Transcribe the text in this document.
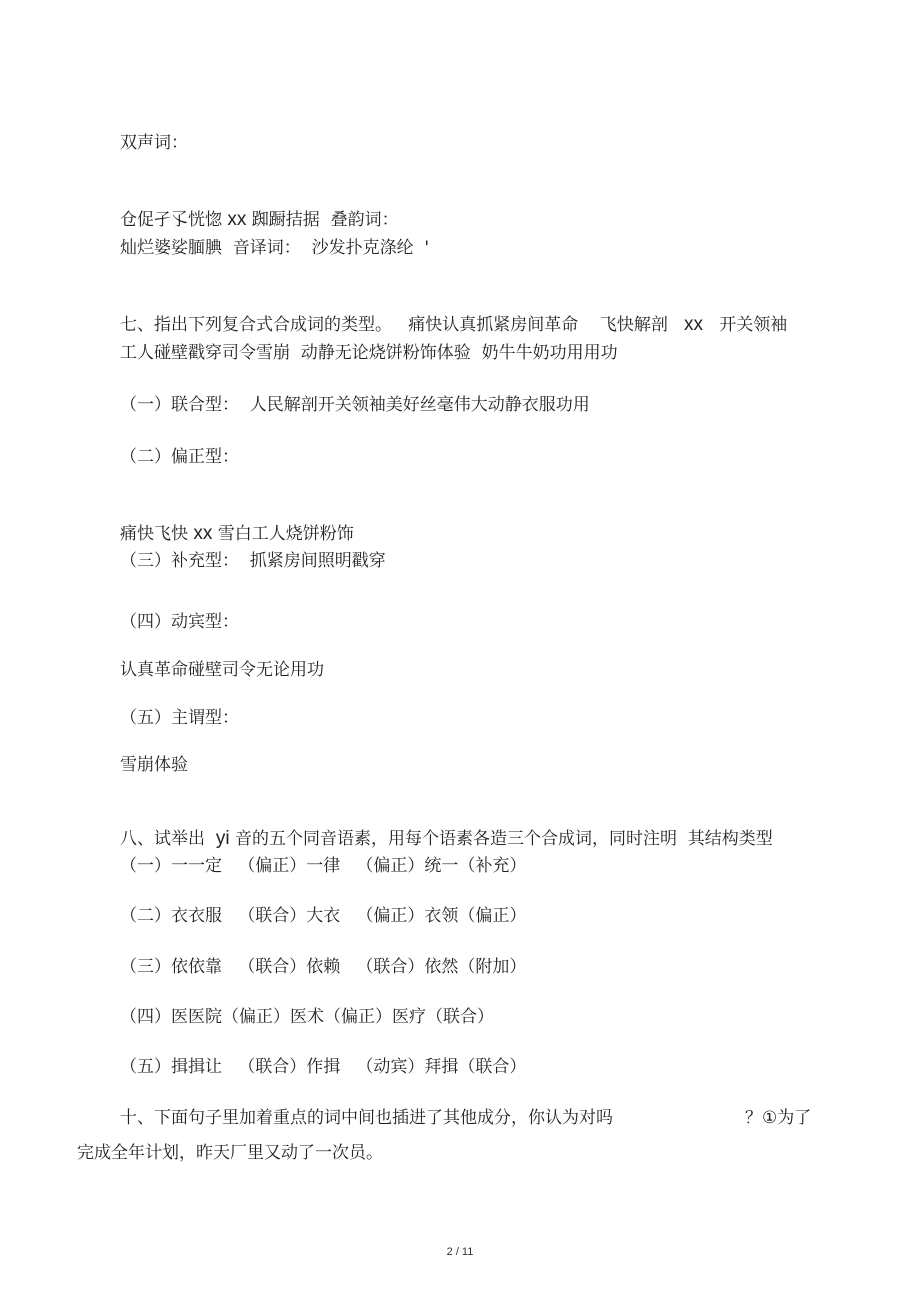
双声词：

仓促孑孓恍惚 xx 踟蹰拮据  叠韵词：

灿烂婆娑腼腆  音译词：  沙发扑克涤纶  '

七、指出下列复合式合成词的类型。   痛快认真抓紧房间革命    飞快解剖   xx   开关领袖

工人碰壁戳穿司令雪崩  动静无论烧饼粉饰体验  奶牛牛奶功用用功
（一）联合型：  人民解剖开关领袖美好丝毫伟大动静衣服功用
（二）偏正型：

痛快飞快 xx 雪白工人烧饼粉饰

（三）补充型：  抓紧房间照明戳穿
（四）动宾型：
认真革命碰壁司令无论用功
（五）主谓型：
雪崩体验

八、试举出  yi 音的五个同音语素，用每个语素各造三个合成词，同时注明  其结构类型

（一）一一定   （偏正）一律   （偏正）统一（补充）
（二）衣衣服   （联合）大衣   （偏正）衣领（偏正）
（三）依依靠   （联合）依赖   （联合）依然（附加）
（四）医医院（偏正）医术（偏正）医疗（联合）
（五）揖揖让   （联合）作揖   （动宾）拜揖（联合）
十、下面句子里加着重点的词中间也插进了其他成分，你认为对吗	？①为了
完成全年计划，昨天厂里又动了一次员。
2 / 11
